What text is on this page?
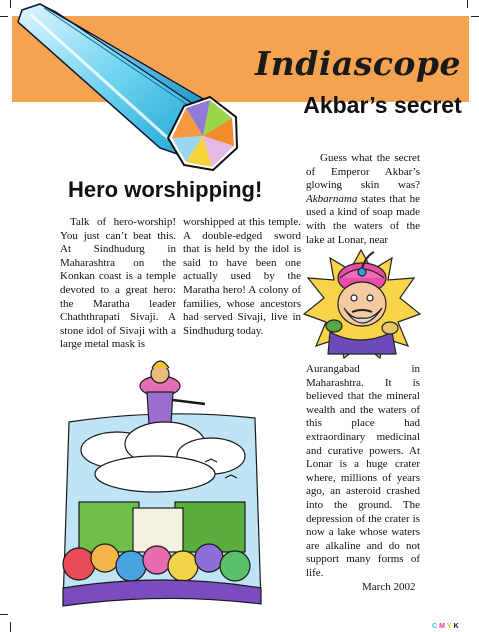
Indiascope
Akbar’s secret
Guess what the secret of Emperor Akbar’s glowing skin was? Akbarnama states that he used a kind of soap made with the waters of the lake at Lonar, near
Aurangabad in Maharashtra. It is believed that the mineral wealth and the waters of this place had extraordinary medicinal and curative powers. At Lonar is a huge crater where, millions of years ago, an asteroid crashed into the ground. The depression of the crater is now a lake whose waters are alkaline and do not support many forms of life.
Hero worshipping!
Talk of hero-worship! You just can’t beat this. At Sindhudurg in Maharashtra on the Konkan coast is a temple devoted to a great hero: the Maratha leader Chaththrapati Sivaji. A stone idol of Sivaji with a large metal mask is
worshipped at this temple. A double-edged sword that is held by the idol is said to have been one actually used by the Maratha hero! A colony of families, whose ancestors had served Sivaji, live in Sindhudurg today.
March 2002
C M Y K
